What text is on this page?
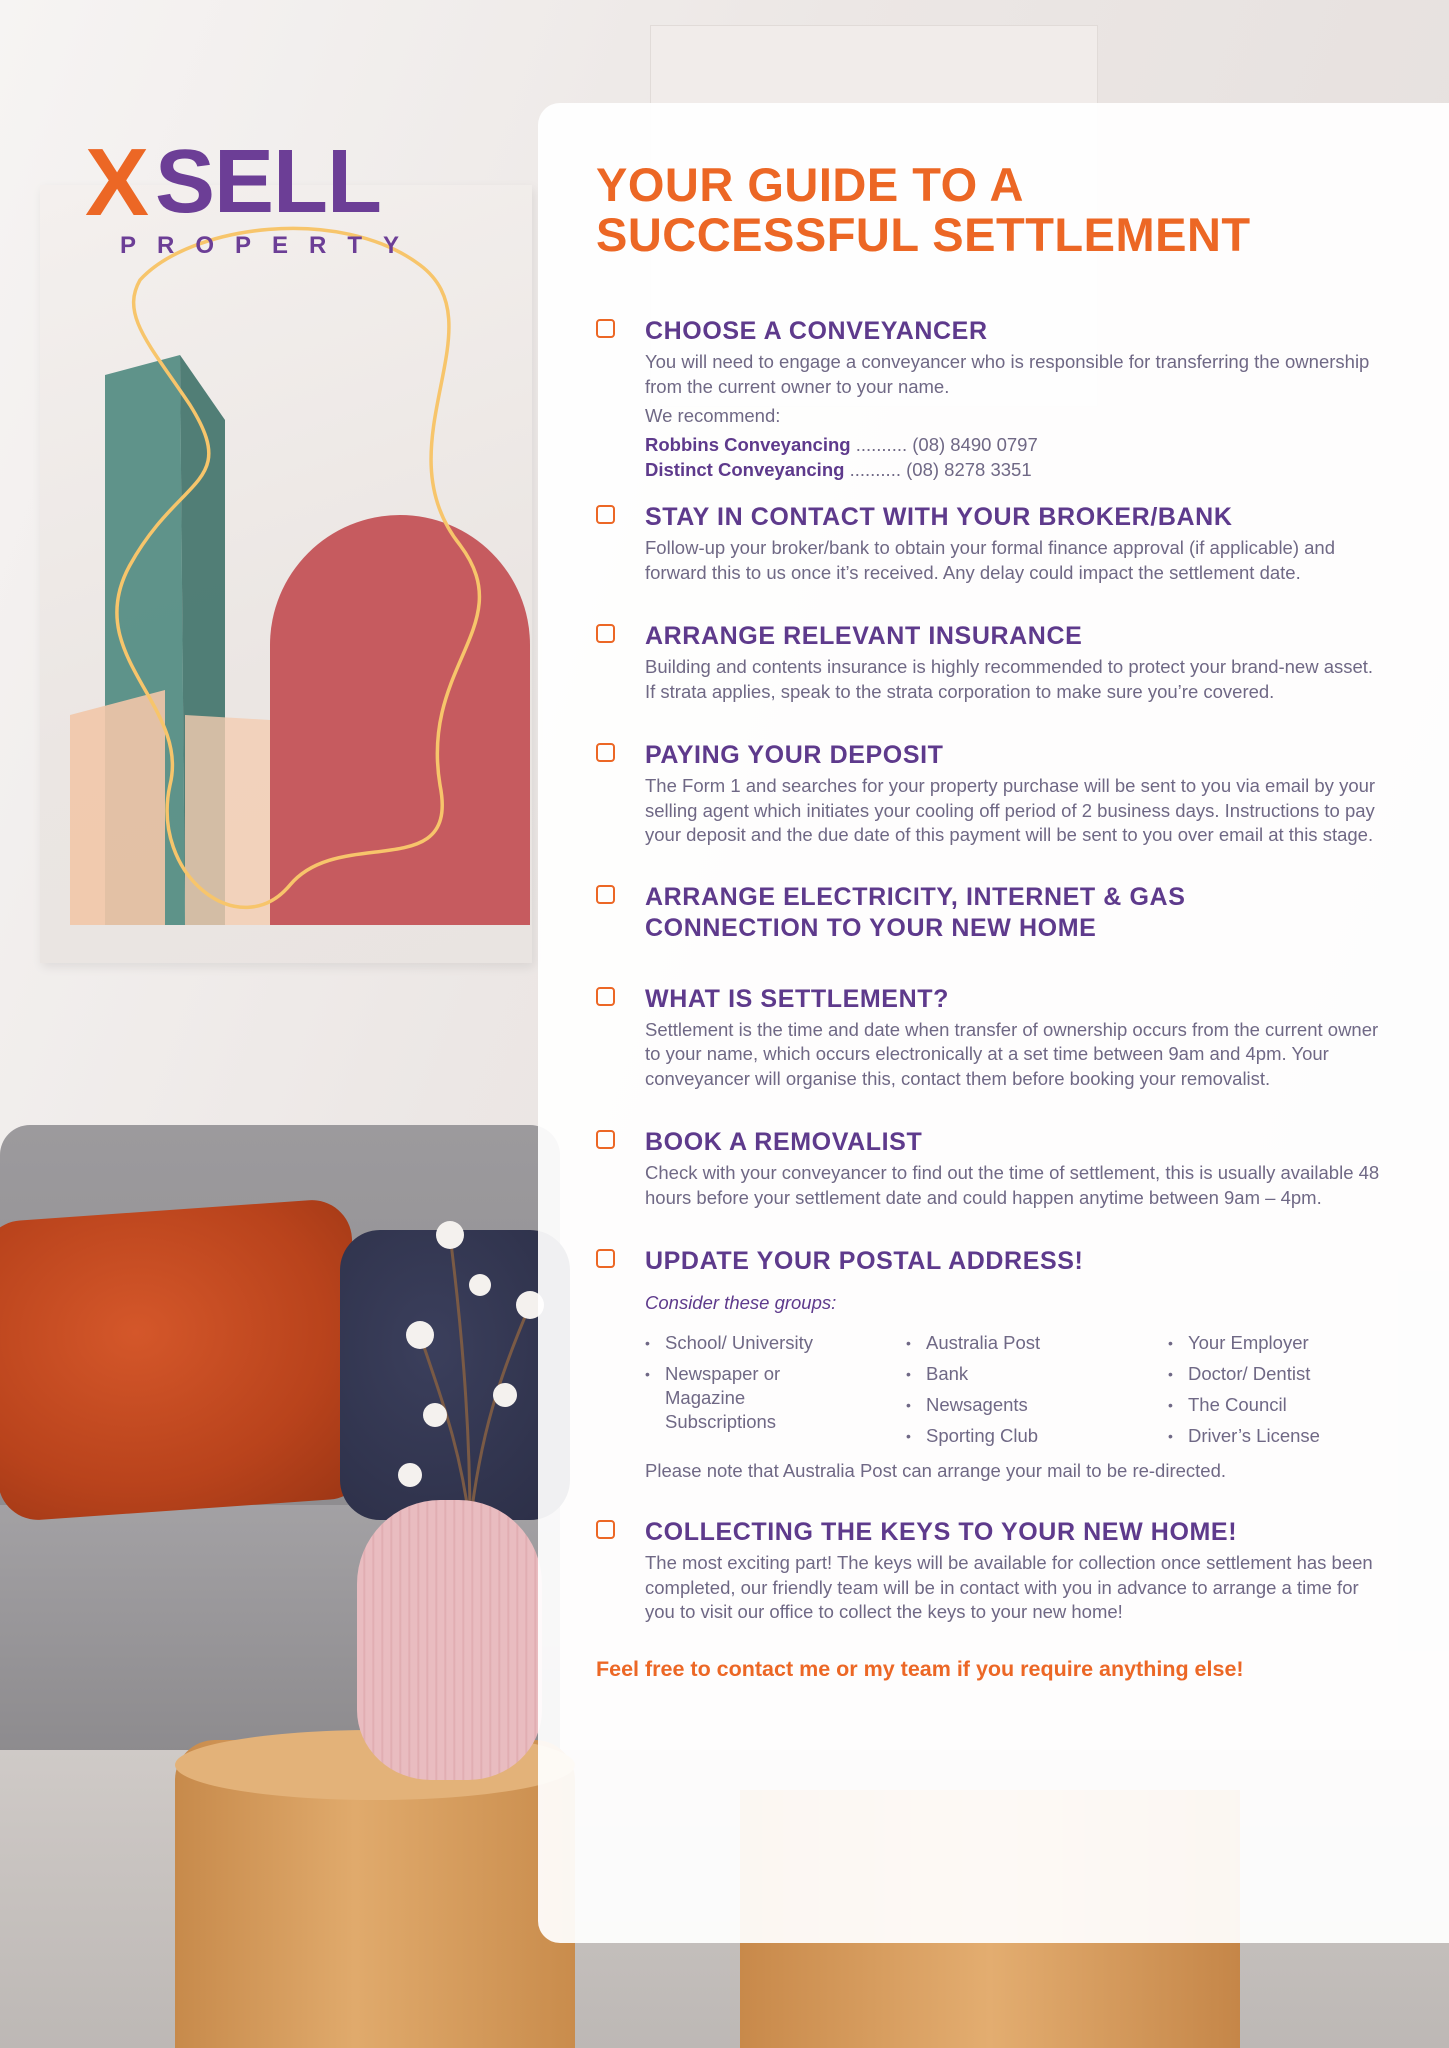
X SELL
PROPERTY
YOUR GUIDE TO A
SUCCESSFUL SETTLEMENT
CHOOSE A CONVEYANCER
You will need to engage a conveyancer who is responsible for transferring the ownership from the current owner to your name.
We recommend:
Robbins Conveyancing .......... (08) 8490 0797
Distinct Conveyancing .......... (08) 8278 3351
STAY IN CONTACT WITH YOUR BROKER/BANK
Follow-up your broker/bank to obtain your formal finance approval (if applicable) and forward this to us once it’s received. Any delay could impact the settlement date.
ARRANGE RELEVANT INSURANCE
Building and contents insurance is highly recommended to protect your brand-new asset. If strata applies, speak to the strata corporation to make sure you’re covered.
PAYING YOUR DEPOSIT
The Form 1 and searches for your property purchase will be sent to you via email by your selling agent which initiates your cooling off period of 2 business days. Instructions to pay your deposit and the due date of this payment will be sent to you over email at this stage.
ARRANGE ELECTRICITY, INTERNET & GAS
CONNECTION TO YOUR NEW HOME
WHAT IS SETTLEMENT?
Settlement is the time and date when transfer of ownership occurs from the current owner to your name, which occurs electronically at a set time between 9am and 4pm. Your conveyancer will organise this, contact them before booking your removalist.
BOOK A REMOVALIST
Check with your conveyancer to find out the time of settlement, this is usually available 48 hours before your settlement date and could happen anytime between 9am – 4pm.
UPDATE YOUR POSTAL ADDRESS!
Consider these groups:
• School/ University
• Newspaper or Magazine Subscriptions
• Australia Post
• Bank
• Newsagents
• Sporting Club
• Your Employer
• Doctor/ Dentist
• The Council
• Driver’s License
Please note that Australia Post can arrange your mail to be re-directed.
COLLECTING THE KEYS TO YOUR NEW HOME!
The most exciting part! The keys will be available for collection once settlement has been completed, our friendly team will be in contact with you in advance to arrange a time for you to visit our office to collect the keys to your new home!
Feel free to contact me or my team if you require anything else!
